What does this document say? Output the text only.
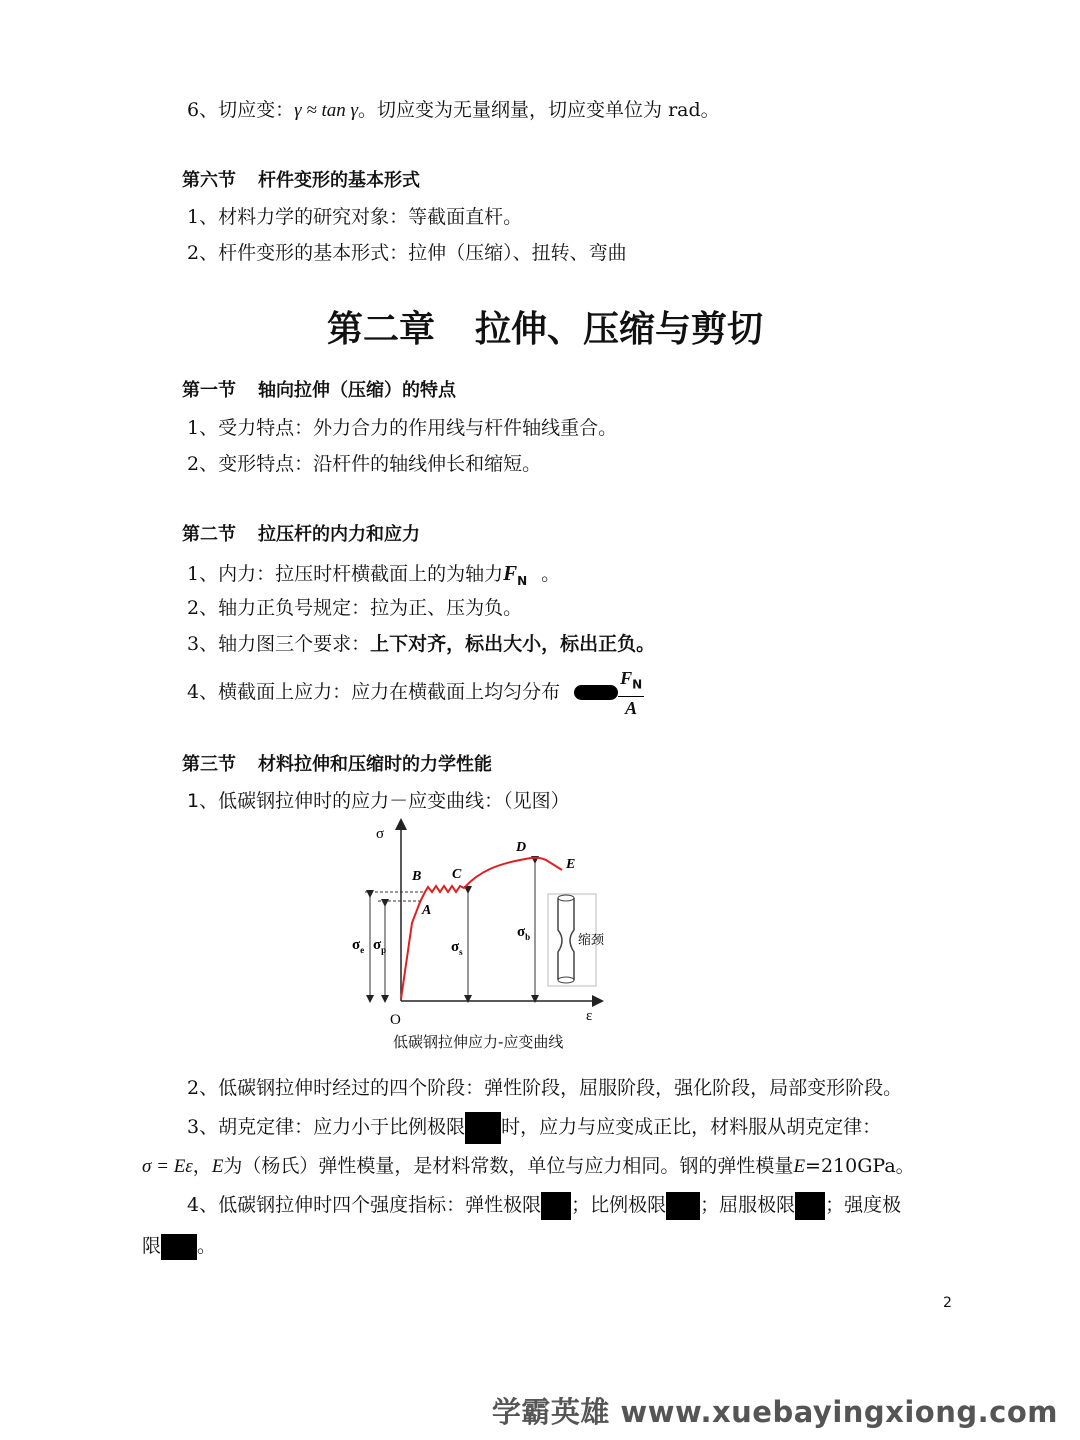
6、切应变：γ ≈ tan γ。切应变为无量纲量，切应变单位为 rad。
第六节 杆件变形的基本形式
1、材料力学的研究对象：等截面直杆。
2、杆件变形的基本形式：拉伸（压缩）、扭转、弯曲
第二章 拉伸、压缩与剪切
第一节 轴向拉伸（压缩）的特点
1、受力特点：外力合力的作用线与杆件轴线重合。
2、变形特点：沿杆件的轴线伸长和缩短。
第二节 拉压杆的内力和应力
1、内力：拉压时杆横截面上的为轴力$F_N$ 。
2、轴力正负号规定：拉为正、压为负。
3、轴力图三个要求：上下对齐，标出大小，标出正负。
4、横截面上应力：应力在横截面上均匀分布	$\frac{F_N}{A}$
第三节 材料拉伸和压缩时的力学性能
1、低碳钢拉伸时的应力－应变曲线：（见图）
σ
O	ε
A
B C
D
E
$\sigma_e$ $\sigma_p$	$\sigma_s$
$\sigma_b$	缩颈
低碳钢拉伸应力-应变曲线
2、低碳钢拉伸时经过的四个阶段：弹性阶段，屈服阶段，强化阶段，局部变形阶段。
3、胡克定律：应力小于比例极限 时，应力与应变成正比，材料服从胡克定律：
σ = Eε，E为（杨氏）弹性模量，是材料常数，单位与应力相同。钢的弹性模量E=210GPa。
4、低碳钢拉伸时四个强度指标：弹性极限 ；比例极限 ；屈服极限 ；强度极
限 。
2
学霸英雄 www.xuebayingxiong.com
